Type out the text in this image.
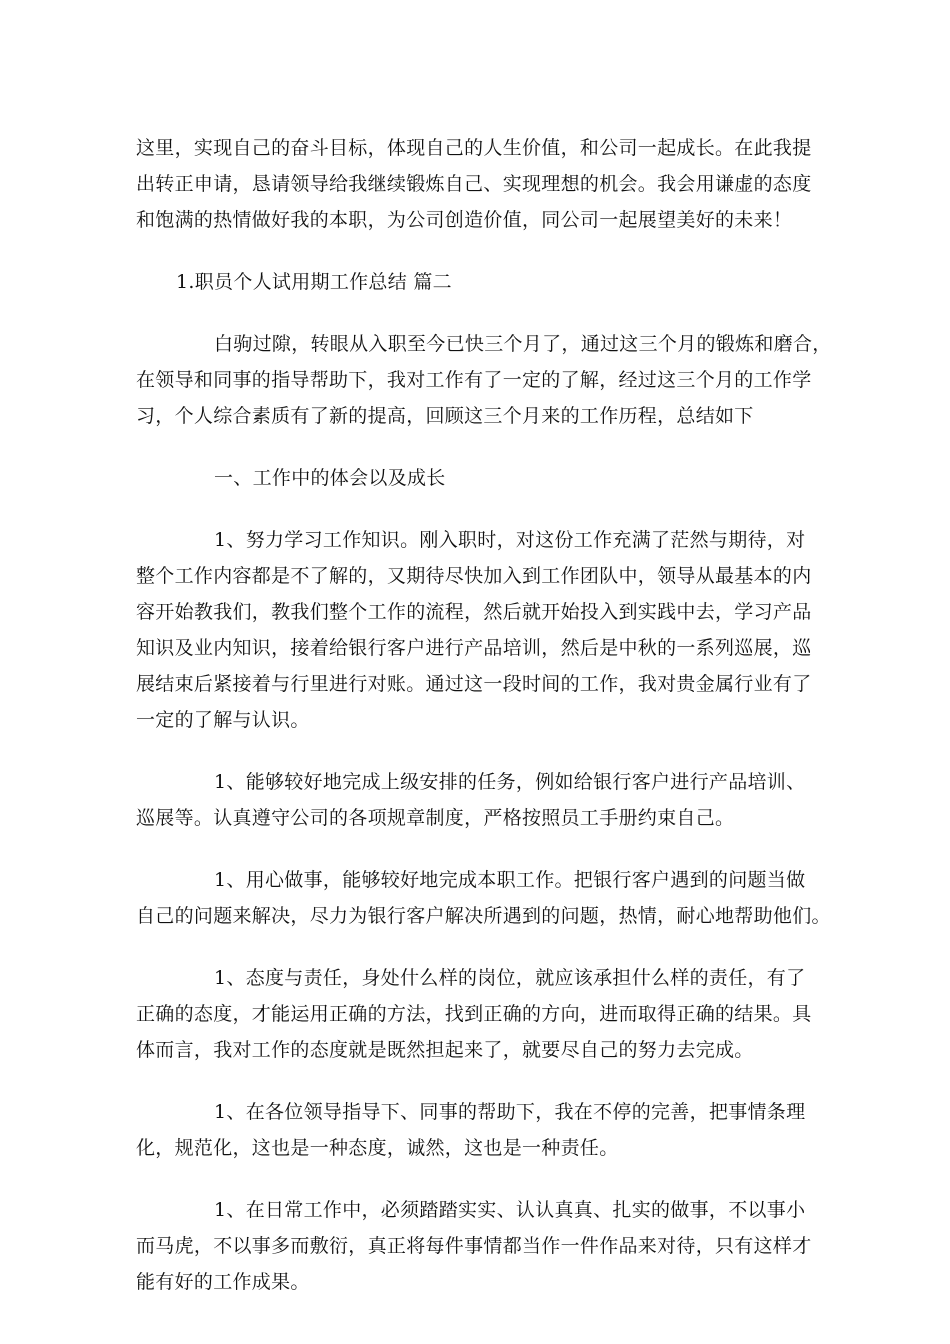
这里，实现自己的奋斗目标，体现自己的人生价值，和公司一起成长。在此我提
出转正申请，恳请领导给我继续锻炼自己、实现理想的机会。我会用谦虚的态度
和饱满的热情做好我的本职，为公司创造价值，同公司一起展望美好的未来！

1.职员个人试用期工作总结 篇二

白驹过隙，转眼从入职至今已快三个月了，通过这三个月的锻炼和磨合，
在领导和同事的指导帮助下，我对工作有了一定的了解，经过这三个月的工作学
习，个人综合素质有了新的提高，回顾这三个月来的工作历程，总结如下

一、工作中的体会以及成长

1、努力学习工作知识。刚入职时，对这份工作充满了茫然与期待，对
整个工作内容都是不了解的，又期待尽快加入到工作团队中，领导从最基本的内
容开始教我们，教我们整个工作的流程，然后就开始投入到实践中去，学习产品
知识及业内知识，接着给银行客户进行产品培训，然后是中秋的一系列巡展，巡
展结束后紧接着与行里进行对账。通过这一段时间的工作，我对贵金属行业有了
一定的了解与认识。

1、能够较好地完成上级安排的任务，例如给银行客户进行产品培训、
巡展等。认真遵守公司的各项规章制度，严格按照员工手册约束自己。

1、用心做事，能够较好地完成本职工作。把银行客户遇到的问题当做
自己的问题来解决，尽力为银行客户解决所遇到的问题，热情，耐心地帮助他们。

1、态度与责任，身处什么样的岗位，就应该承担什么样的责任，有了
正确的态度，才能运用正确的方法，找到正确的方向，进而取得正确的结果。具
体而言，我对工作的态度就是既然担起来了，就要尽自己的努力去完成。

1、在各位领导指导下、同事的帮助下，我在不停的完善，把事情条理
化，规范化，这也是一种态度，诚然，这也是一种责任。

1、在日常工作中，必须踏踏实实、认认真真、扎实的做事，不以事小
而马虎，不以事多而敷衍，真正将每件事情都当作一件作品来对待，只有这样才
能有好的工作成果。
